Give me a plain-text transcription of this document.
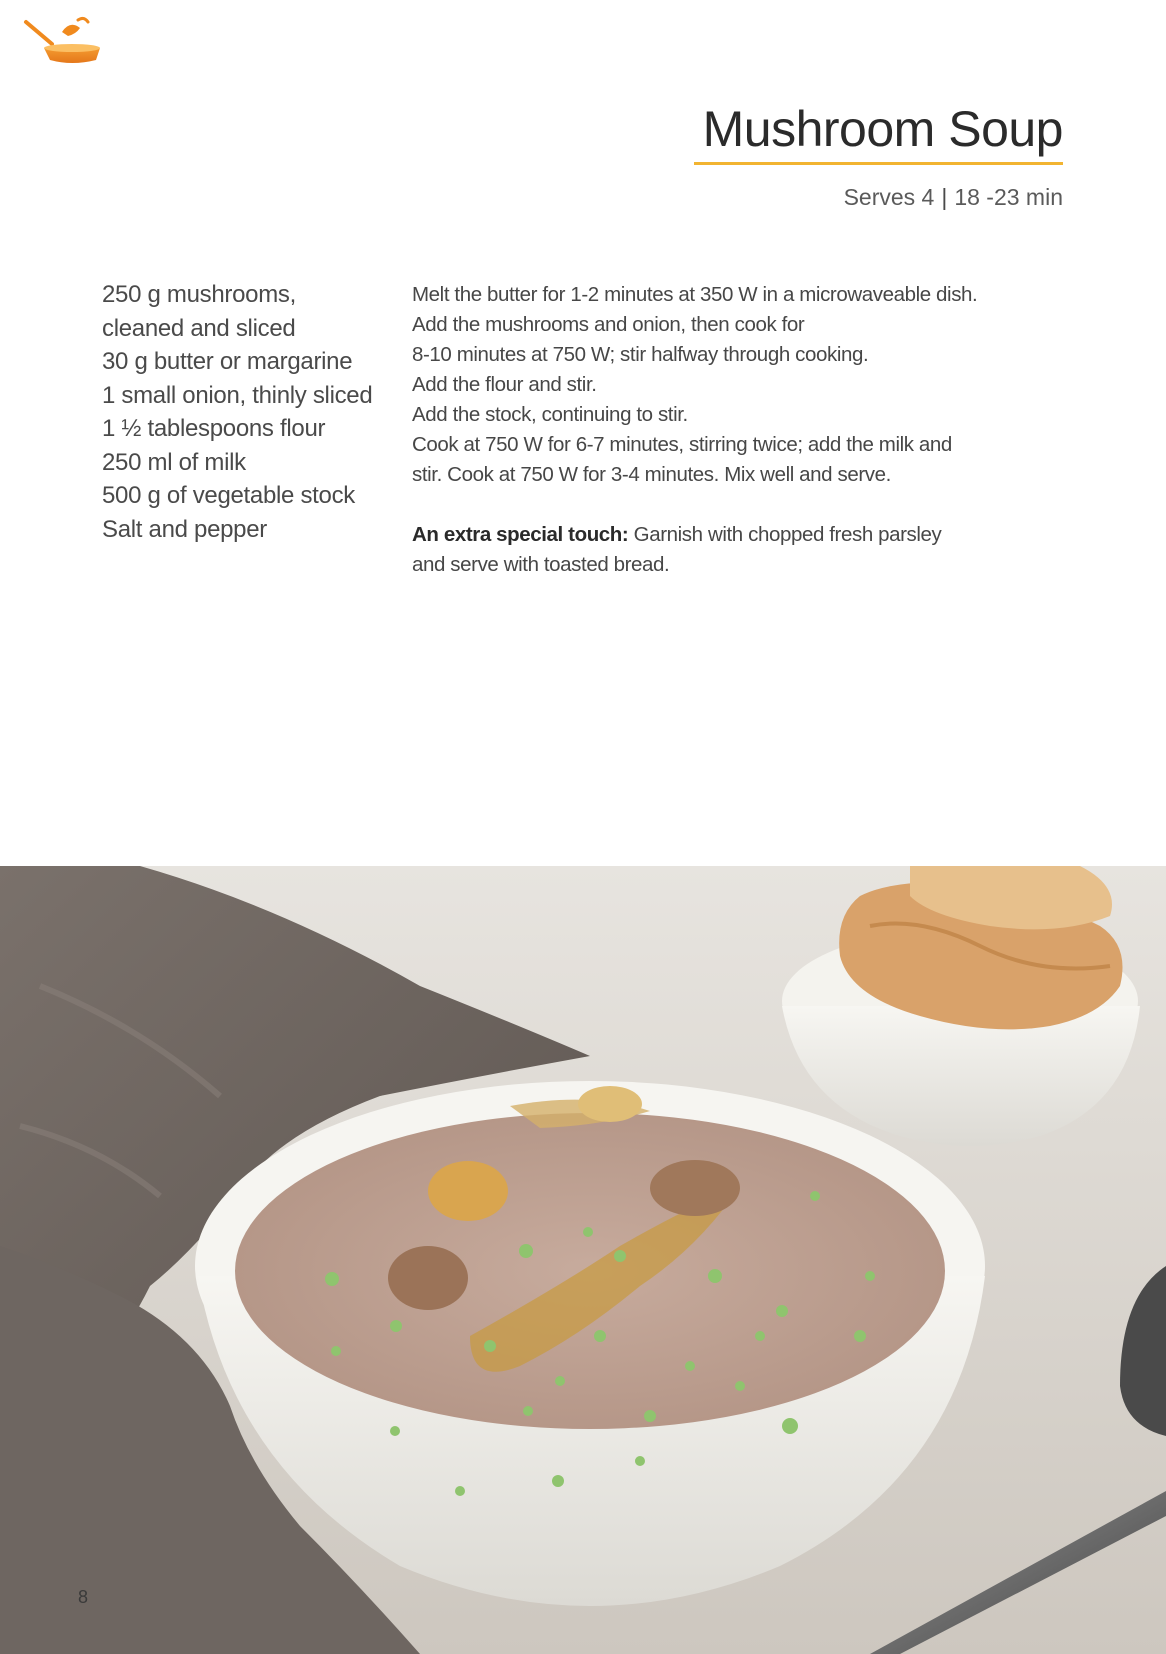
Mushroom Soup
Serves 4 | 18 -23 min
250 g mushrooms,
cleaned and sliced
30 g butter or margarine
1 small onion, thinly sliced
1 ½ tablespoons flour
250 ml of milk
500 g of vegetable stock
Salt and pepper
Melt the butter for 1-2 minutes at 350 W in a microwaveable dish.
Add the mushrooms and onion, then cook for
8-10 minutes at 750 W; stir halfway through cooking.
Add the flour and stir.
Add the stock, continuing to stir.
Cook at 750 W for 6-7 minutes, stirring twice; add the milk and
stir. Cook at 750 W for 3-4 minutes. Mix well and serve.
An extra special touch: Garnish with chopped fresh parsley
and serve with toasted bread.
8
